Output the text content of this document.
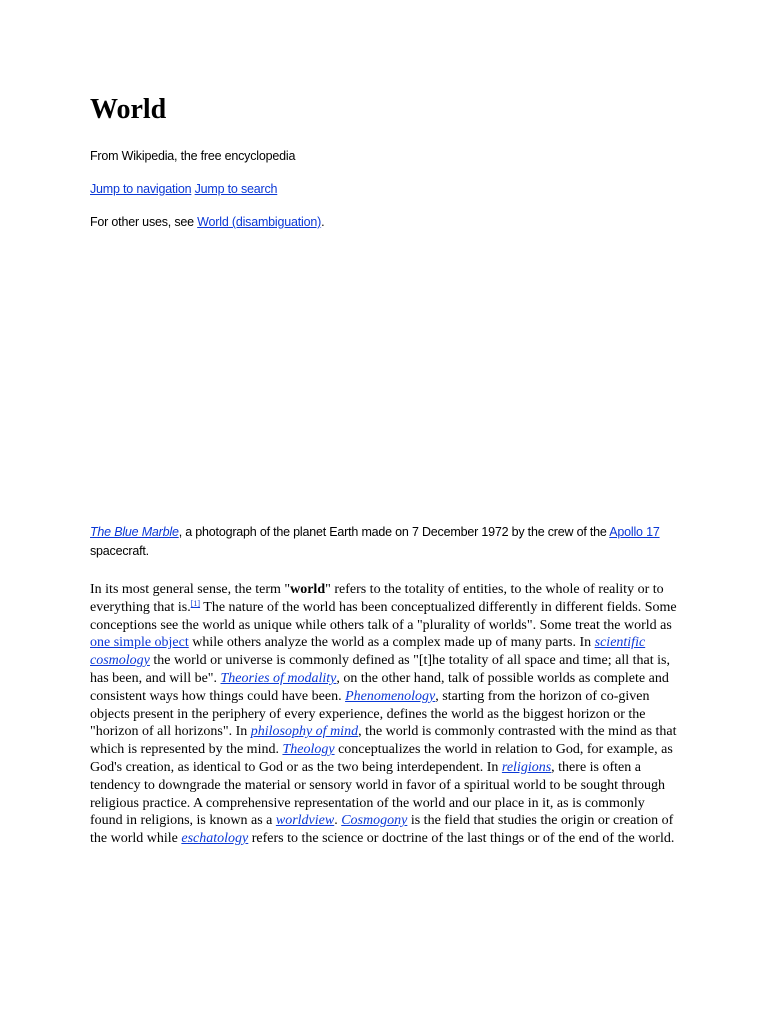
World

From Wikipedia, the free encyclopedia

Jump to navigation Jump to search

For other uses, see World (disambiguation).

The Blue Marble, a photograph of the planet Earth made on 7 December 1972 by the crew of the Apollo 17 spacecraft.

In its most general sense, the term "world" refers to the totality of entities, to the whole of reality or to everything that is.[1] The nature of the world has been conceptualized differently in different fields. Some conceptions see the world as unique while others talk of a "plurality of worlds". Some treat the world as one simple object while others analyze the world as a complex made up of many parts. In scientific cosmology the world or universe is commonly defined as "[t]he totality of all space and time; all that is, has been, and will be". Theories of modality, on the other hand, talk of possible worlds as complete and consistent ways how things could have been. Phenomenology, starting from the horizon of co-given objects present in the periphery of every experience, defines the world as the biggest horizon or the "horizon of all horizons". In philosophy of mind, the world is commonly contrasted with the mind as that which is represented by the mind. Theology conceptualizes the world in relation to God, for example, as God's creation, as identical to God or as the two being interdependent. In religions, there is often a tendency to downgrade the material or sensory world in favor of a spiritual world to be sought through religious practice. A comprehensive representation of the world and our place in it, as is commonly found in religions, is known as a worldview. Cosmogony is the field that studies the origin or creation of the world while eschatology refers to the science or doctrine of the last things or of the end of the world.
